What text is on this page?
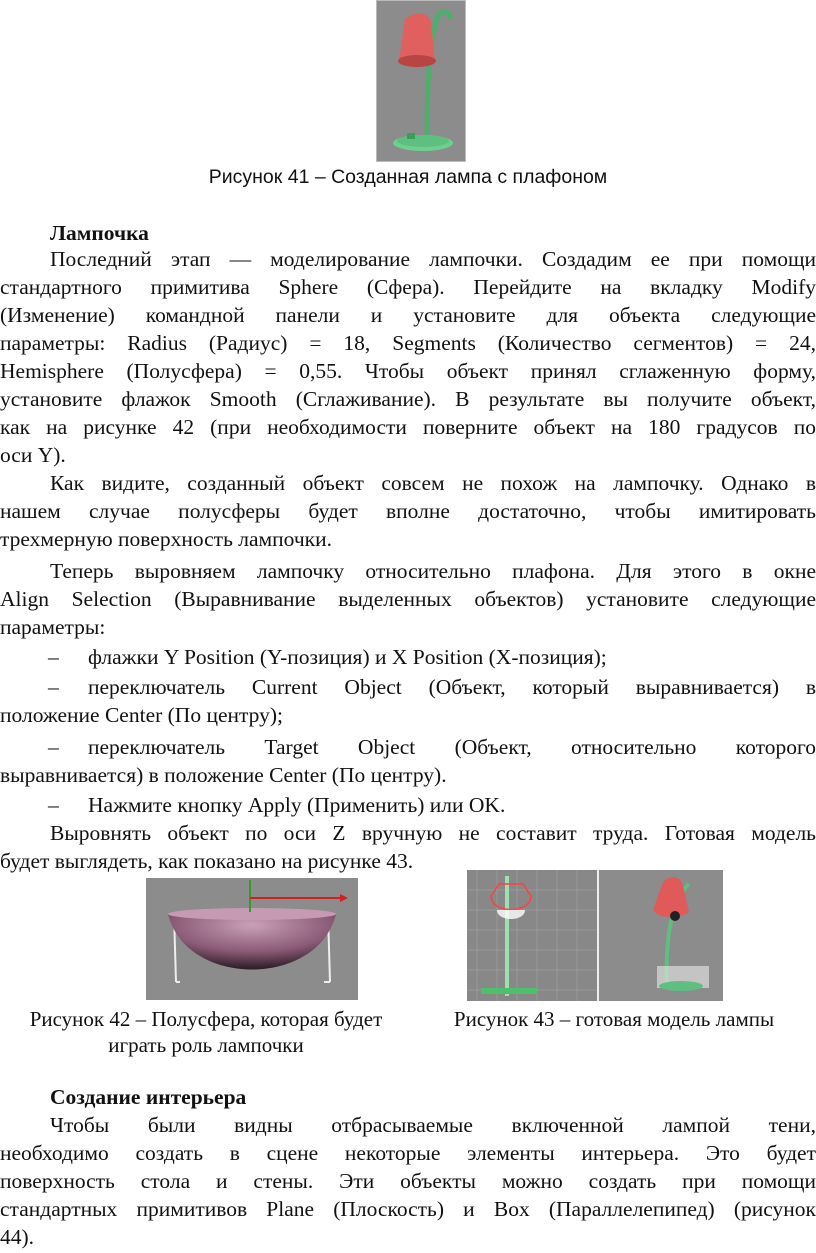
Рисунок 41 – Созданная лампа с плафоном
Лампочка
Последний этап — моделирование лампочки. Создадим ее при помощи
стандартного примитива Sphere (Сфера). Перейдите на вкладку Modify
(Изменение) командной панели и установите для объекта следующие
параметры: Radius (Радиус) = 18, Segments (Количество сегментов) = 24,
Hemisphere (Полусфера) = 0,55. Чтобы объект принял сглаженную форму,
установите флажок Smooth (Сглаживание). В результате вы получите объект,
как на рисунке 42 (при необходимости поверните объект на 180 градусов по
оси Y).
Как видите, созданный объект совсем не похож на лампочку. Однако в
нашем случае полусферы будет вполне достаточно, чтобы имитировать
трехмерную поверхность лампочки.
Теперь выровняем лампочку относительно плафона. Для этого в окне
Align Selection (Выравнивание выделенных объектов) установите следующие
параметры:
– флажки Y Position (Y-позиция) и X Position (X-позиция);
– переключатель Current Object (Объект, который выравнивается) в
положение Center (По центру);
– переключатель Target Object (Объект, относительно которого
выравнивается) в положение Center (По центру).
– Нажмите кнопку Apply (Применить) или OK.
Выровнять объект по оси Z вручную не составит труда. Готовая модель
будет выглядеть, как показано на рисунке 43.
Рисунок 42 – Полусфера, которая будет
играть роль лампочки
Рисунок 43 – готовая модель лампы
Создание интерьера
Чтобы были видны отбрасываемые включенной лампой тени,
необходимо создать в сцене некоторые элементы интерьера. Это будет
поверхность стола и стены. Эти объекты можно создать при помощи
стандартных примитивов Plane (Плоскость) и Box (Параллелепипед) (рисунок
44).
